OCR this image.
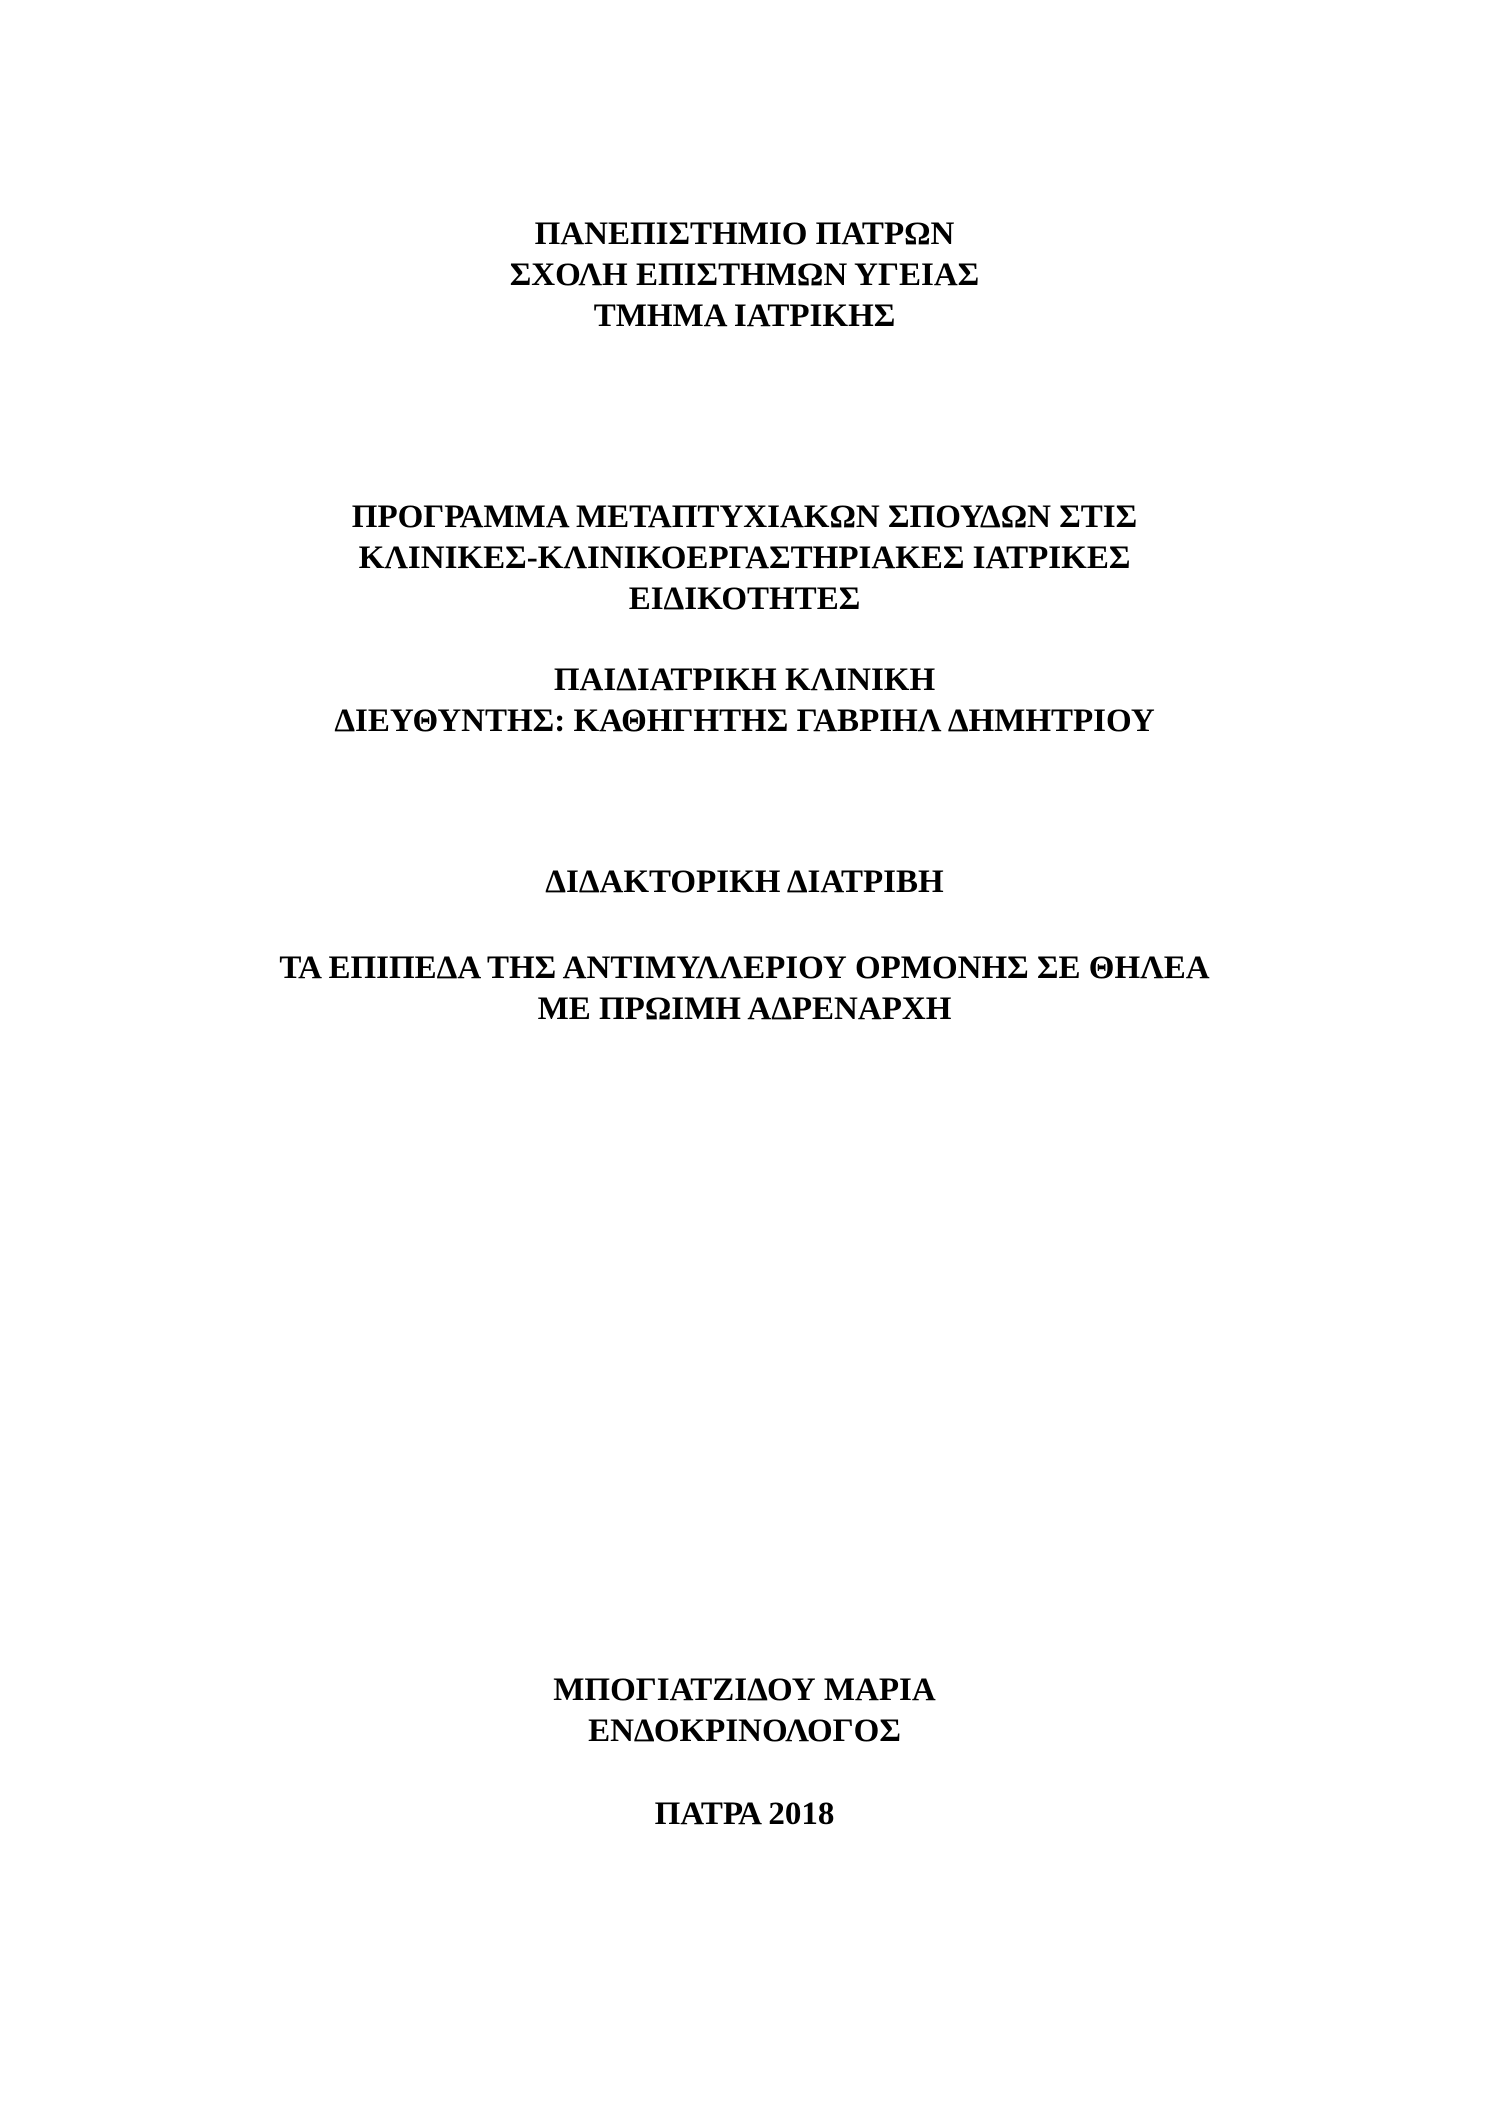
ΠΑΝΕΠΙΣΤΗΜΙΟ ΠΑΤΡΩΝ
ΣΧΟΛΗ ΕΠΙΣΤΗΜΩΝ ΥΓΕΙΑΣ
ΤΜΗΜΑ ΙΑΤΡΙΚΗΣ
ΠΡΟΓΡΑΜΜΑ ΜΕΤΑΠΤΥΧΙΑΚΩΝ ΣΠΟΥΔΩΝ ΣΤΙΣ
ΚΛΙΝΙΚΕΣ-ΚΛΙΝΙΚΟΕΡΓΑΣΤΗΡΙΑΚΕΣ ΙΑΤΡΙΚΕΣ
ΕΙΔΙΚΟΤΗΤΕΣ
ΠΑΙΔΙΑΤΡΙΚΗ ΚΛΙΝΙΚΗ
ΔΙΕΥΘΥΝΤΗΣ: ΚΑΘΗΓΗΤΗΣ ΓΑΒΡΙΗΛ ΔΗΜΗΤΡΙΟΥ
ΔΙΔΑΚΤΟΡΙΚΗ ΔΙΑΤΡΙΒΗ
ΤΑ ΕΠΙΠΕΔΑ ΤΗΣ ΑΝΤΙΜΥΛΛΕΡΙΟΥ ΟΡΜΟΝΗΣ ΣΕ ΘΗΛΕΑ
ΜΕ ΠΡΩΙΜΗ ΑΔΡΕΝΑΡΧΗ
ΜΠΟΓΙΑΤΖΙΔΟΥ ΜΑΡΙΑ
ΕΝΔΟΚΡΙΝΟΛΟΓΟΣ
ΠΑΤΡΑ 2018
